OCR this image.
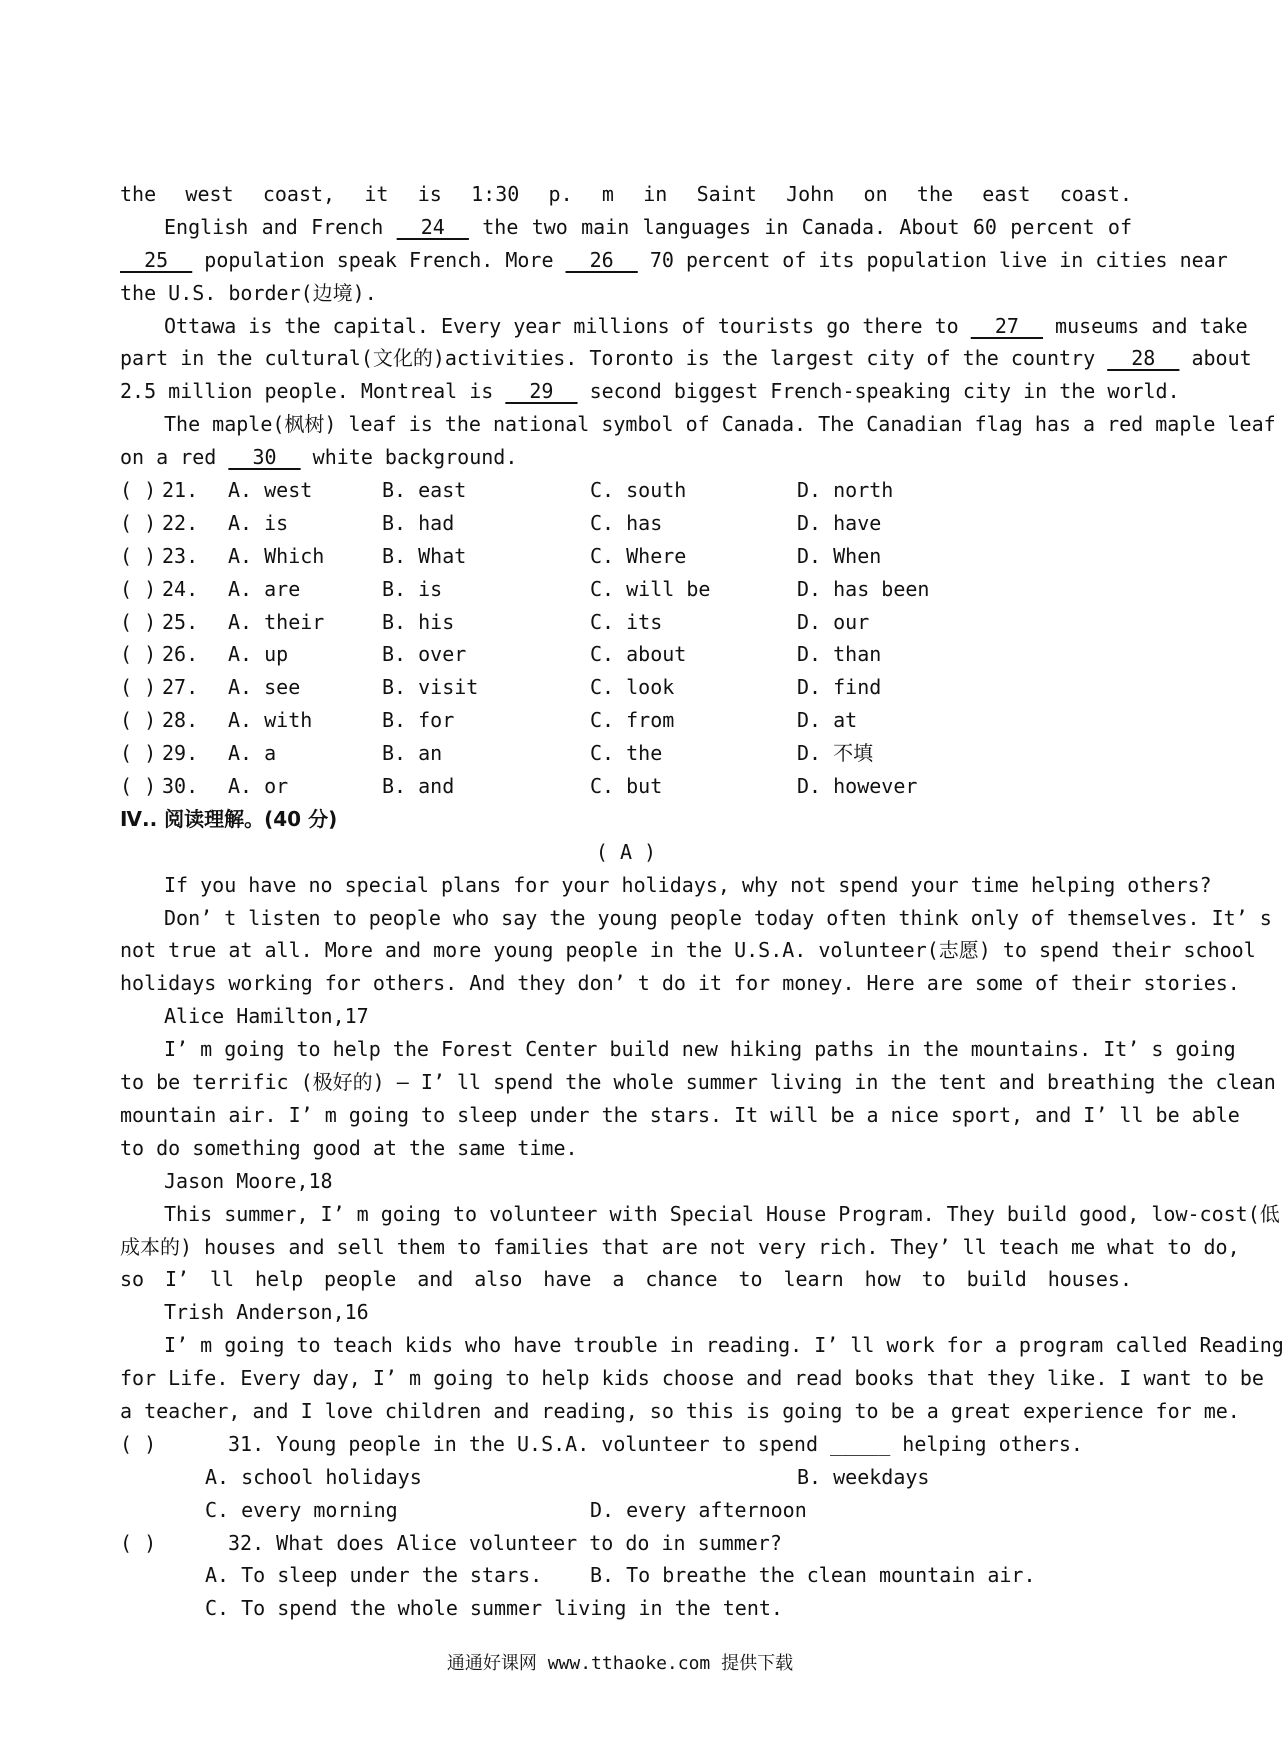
the west coast, it is 1:30 p. m in Saint John on the east coast.
English and French   24   the two main languages in Canada. About 60 percent of
25   population speak French. More   26   70 percent of its population live in cities near
the U.S. border(边境).
Ottawa is the capital. Every year millions of tourists go there to   27   museums and take
part in the cultural(文化的)activities. Toronto is the largest city of the country   28   about
2.5 million people. Montreal is   29   second biggest French-speaking city in the world.
The maple(枫树) leaf is the national symbol of Canada. The Canadian flag has a red maple leaf
on a red   30   white background.
( ) 21. A. west	B. east	C. south	D. north
( ) 22. A. is	B. had	C. has	D. have
( ) 23. A. Which	B. What	C. Where	D. When
( ) 24. A. are	B. is	C. will be	D. has been
( ) 25. A. their	B. his	C. its	D. our
( ) 26. A. up	B. over	C. about	D. than
( ) 27. A. see	B. visit	C. look	D. find
( ) 28. A. with	B. for	C. from	D. at
( ) 29. A. a	B. an	C. the	D. 不填
( ) 30. A. or	B. and	C. but	D. however
Ⅳ.. 阅读理解。(40 分)
( A )
If you have no special plans for your holidays, why not spend your time helping others?
Don’ t listen to people who say the young people today often think only of themselves. It’ s
not true at all. More and more young people in the U.S.A. volunteer(志愿) to spend their school
holidays working for others. And they don’ t do it for money. Here are some of their stories.
Alice Hamilton,17
I’ m going to help the Forest Center build new hiking paths in the mountains. It’ s going
to be terrific (极好的) — I’ ll spend the whole summer living in the tent and breathing the clean
mountain air. I’ m going to sleep under the stars. It will be a nice sport, and I’ ll be able
to do something good at the same time.
Jason Moore,18
This summer, I’ m going to volunteer with Special House Program. They build good, low-cost(低
成本的) houses and sell them to families that are not very rich. They’ ll teach me what to do,
so I’ ll help people and also have a chance to learn how to build houses.
Trish Anderson,16
I’ m going to teach kids who have trouble in reading. I’ ll work for a program called Reading
for Life. Every day, I’ m going to help kids choose and read books that they like. I want to be
a teacher, and I love children and reading, so this is going to be a great experience for me.
( )	31. Young people in the U.S.A. volunteer to spend _____ helping others.
A. school holidays	B. weekdays
C. every morning	D. every afternoon
( )	32. What does Alice volunteer to do in summer?
A. To sleep under the stars. B. To breathe the clean mountain air.
C. To spend the whole summer living in the tent.
通通好课网 www.tthaoke.com 提供下载
